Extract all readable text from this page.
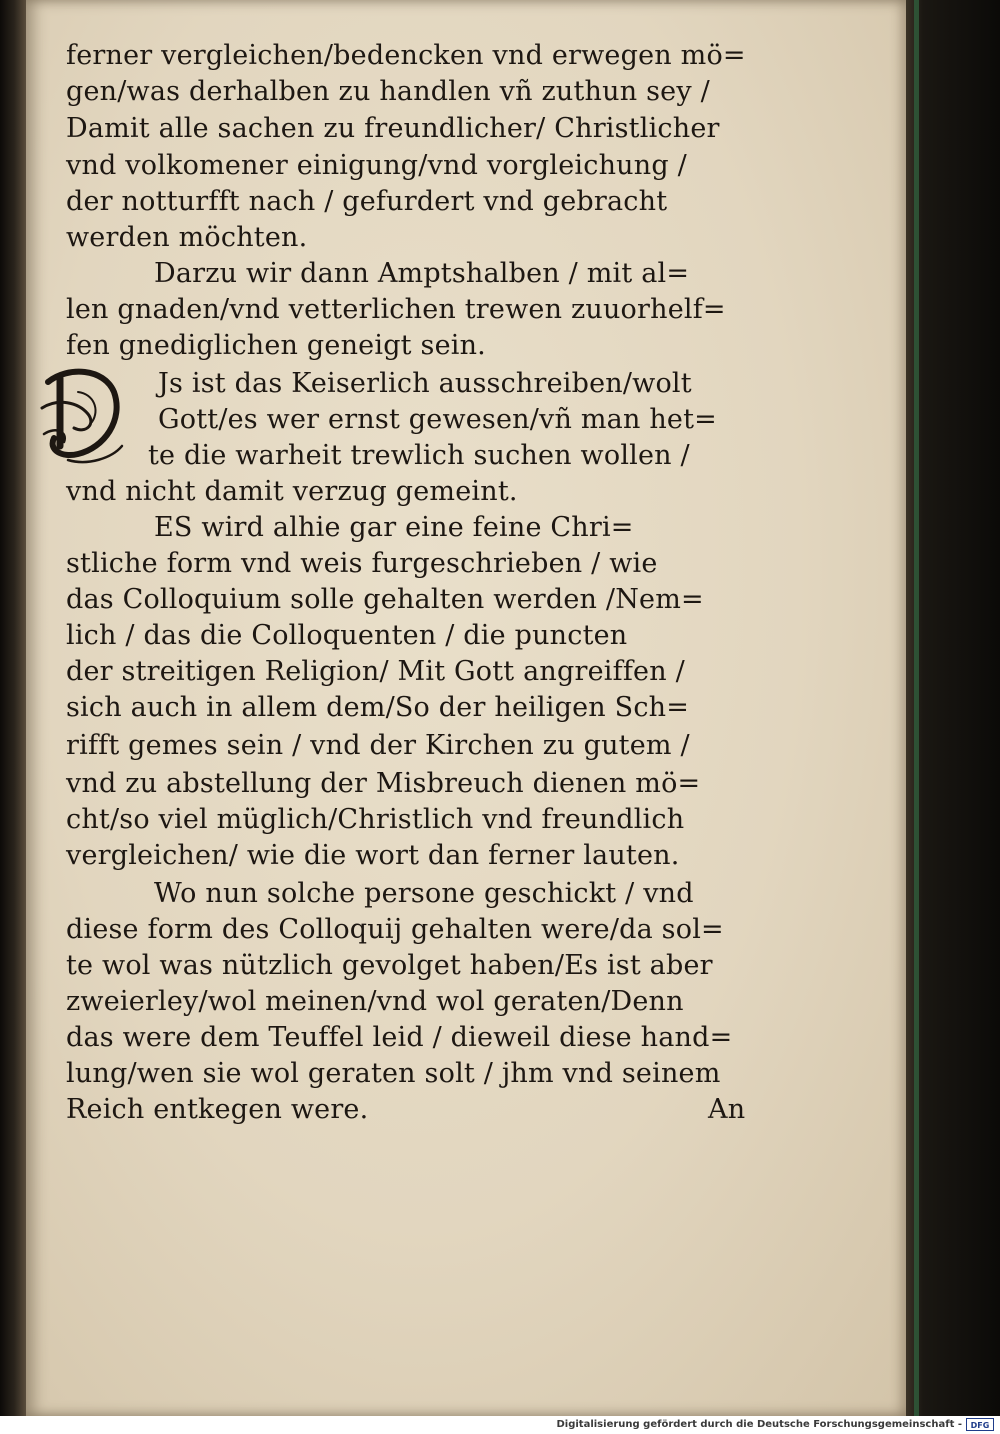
ferner vergleichen/bedencken vnd erwegen mö=
gen/was derhalben zu handlen vñ zuthun sey /
Damit alle sachen zu freundlicher/ Christlicher
vnd volkomener einigung/vnd vorgleichung /
der notturfft nach / gefurdert vnd gebracht
werden möchten.
Darzu wir dann Amptshalben / mit al=
len gnaden/vnd vetterlichen trewen zuuorhelf=
fen gnediglichen geneigt sein.
Js ist das Keiserlich ausschreiben/wolt
Gott/es wer ernst gewesen/vñ man het=
te die warheit trewlich suchen wollen /
vnd nicht damit verzug gemeint.
ES wird alhie gar eine feine Chri=
stliche form vnd weis furgeschrieben / wie
das Colloquium solle gehalten werden /Nem=
lich / das die Colloquenten / die puncten
der streitigen Religion/ Mit Gott angreiffen /
sich auch in allem dem/So der heiligen Sch=
rifft gemes sein / vnd der Kirchen zu gutem /
vnd zu abstellung der Misbreuch dienen mö=
cht/so viel müglich/Christlich vnd freundlich
vergleichen/ wie die wort dan ferner lauten.
Wo nun solche persone geschickt / vnd
diese form des Colloquij gehalten were/da sol=
te wol was nützlich gevolget haben/Es ist aber
zweierley/wol meinen/vnd wol geraten/Denn
das were dem Teuffel leid / dieweil diese hand=
lung/wen sie wol geraten solt / jhm vnd seinem
Reich entkegen were.	An
Digitalisierung gefördert durch die Deutsche Forschungsgemeinschaft -	DFG
